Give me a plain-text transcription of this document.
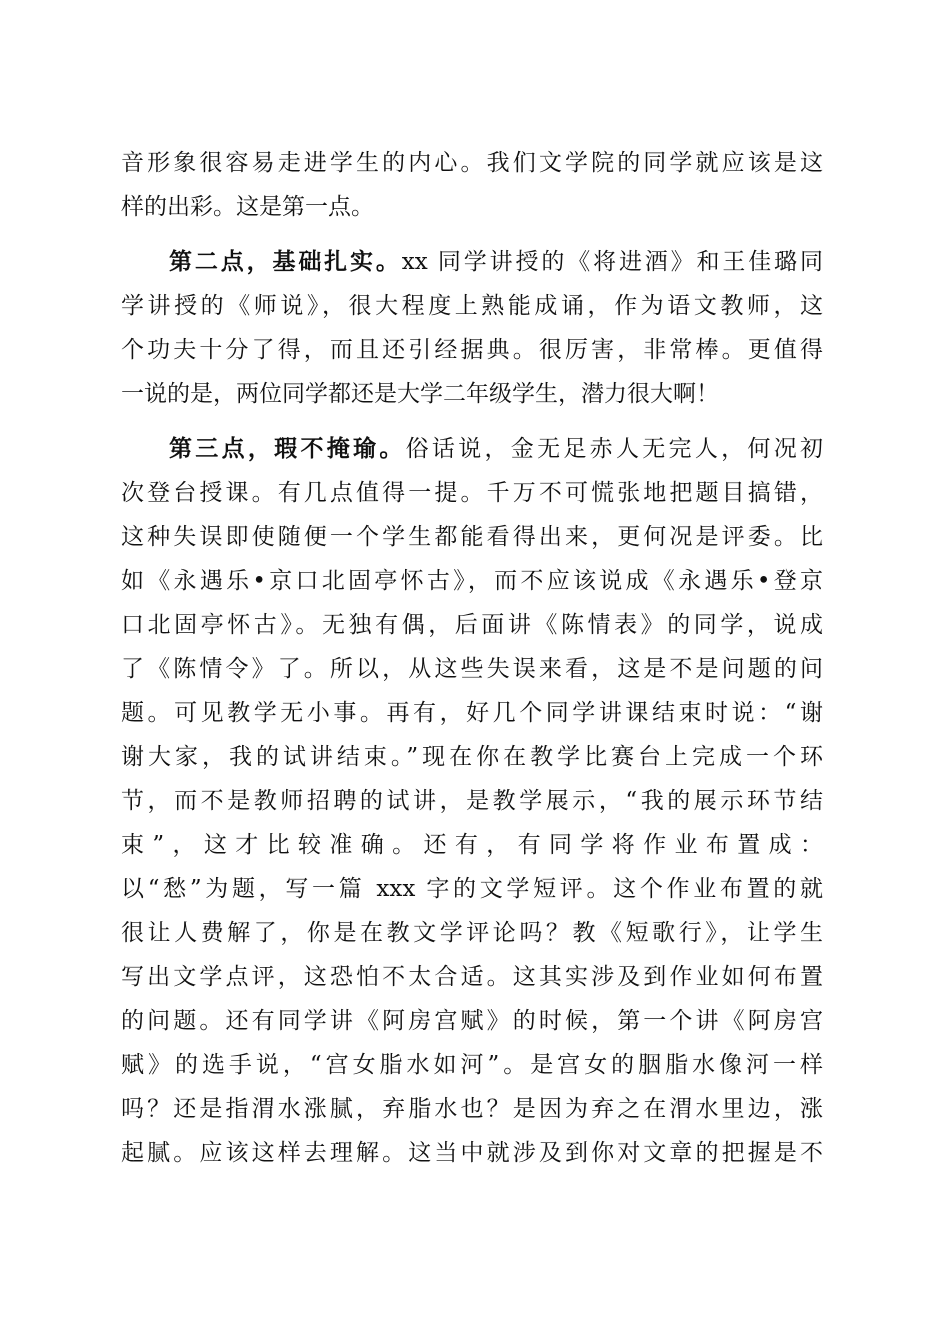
音形象很容易走进学生的内心。我们文学院的同学就应该是这
样的出彩。这是第一点。
第二点，基础扎实。xx 同学讲授的《将进酒》和王佳璐同
学讲授的《师说》，很大程度上熟能成诵，作为语文教师，这
个功夫十分了得，而且还引经据典。很厉害，非常棒。更值得
一说的是，两位同学都还是大学二年级学生，潜力很大啊！
第三点，瑕不掩瑜。俗话说，金无足赤人无完人，何况初
次登台授课。有几点值得一提。千万不可慌张地把题目搞错，
这种失误即使随便一个学生都能看得出来，更何况是评委。比
如《永遇乐•京口北固亭怀古》，而不应该说成《永遇乐•登京
口北固亭怀古》。无独有偶，后面讲《陈情表》的同学，说成
了《陈情令》了。所以，从这些失误来看，这是不是问题的问
题。可见教学无小事。再有，好几个同学讲课结束时说：“谢
谢大家，我的试讲结束。”现在你在教学比赛台上完成一个环
节，而不是教师招聘的试讲，是教学展示，“我的展示环节结
束”，这才比较准确。还有，有同学将作业布置成：
以“愁”为题，写一篇 xxx 字的文学短评。这个作业布置的就
很让人费解了，你是在教文学评论吗？教《短歌行》，让学生
写出文学点评，这恐怕不太合适。这其实涉及到作业如何布置
的问题。还有同学讲《阿房宫赋》的时候，第一个讲《阿房宫
赋》的选手说，“宫女脂水如河”。是宫女的胭脂水像河一样
吗？还是指渭水涨腻，弃脂水也？是因为弃之在渭水里边，涨
起腻。应该这样去理解。这当中就涉及到你对文章的把握是不
